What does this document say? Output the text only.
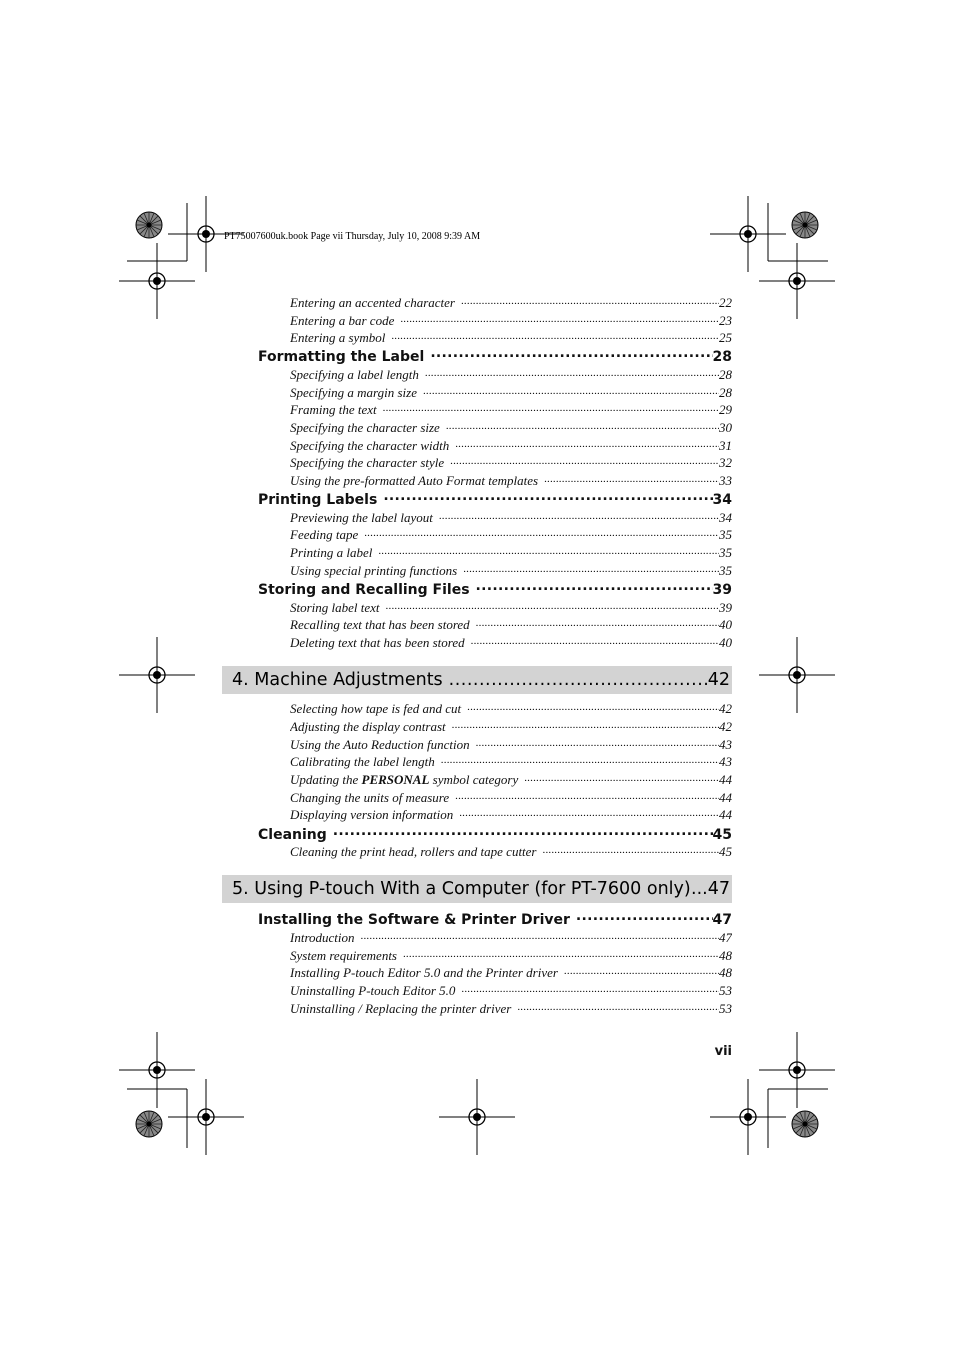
PT75007600uk.book Page vii Thursday, July 10, 2008 9:39 AM
Entering an accented character .....	22
Entering a bar code .....	23
Entering a symbol .....	25
Formatting the Label .....	28
Specifying a label length .....	28
Specifying a margin size .....	28
Framing the text .....	29
Specifying the character size .....	30
Specifying the character width .....	31
Specifying the character style .....	32
Using the pre-formatted Auto Format templates .....	33
Printing Labels .....	34
Previewing the label layout .....	34
Feeding tape .....	35
Printing a label .....	35
Using special printing functions .....	35
Storing and Recalling Files .....	39
Storing label text .....	39
Recalling text that has been stored .....	40
Deleting text that has been stored .....	40
4. Machine Adjustments .....	42
Selecting how tape is fed and cut .....	42
Adjusting the display contrast .....	42
Using the Auto Reduction function .....	43
Calibrating the label length .....	43
Updating the PERSONAL symbol category .....	44
Changing the units of measure .....	44
Displaying version information .....	44
Cleaning .....	45
Cleaning the print head, rollers and tape cutter .....	45
5. Using P-touch With a Computer (for PT-7600 only) ...47
Installing the Software & Printer Driver .....	47
Introduction .....	47
System requirements .....	48
Installing P-touch Editor 5.0 and the Printer driver .....	48
Uninstalling P-touch Editor 5.0 .....	53
Uninstalling / Replacing the printer driver .....	53
vii
